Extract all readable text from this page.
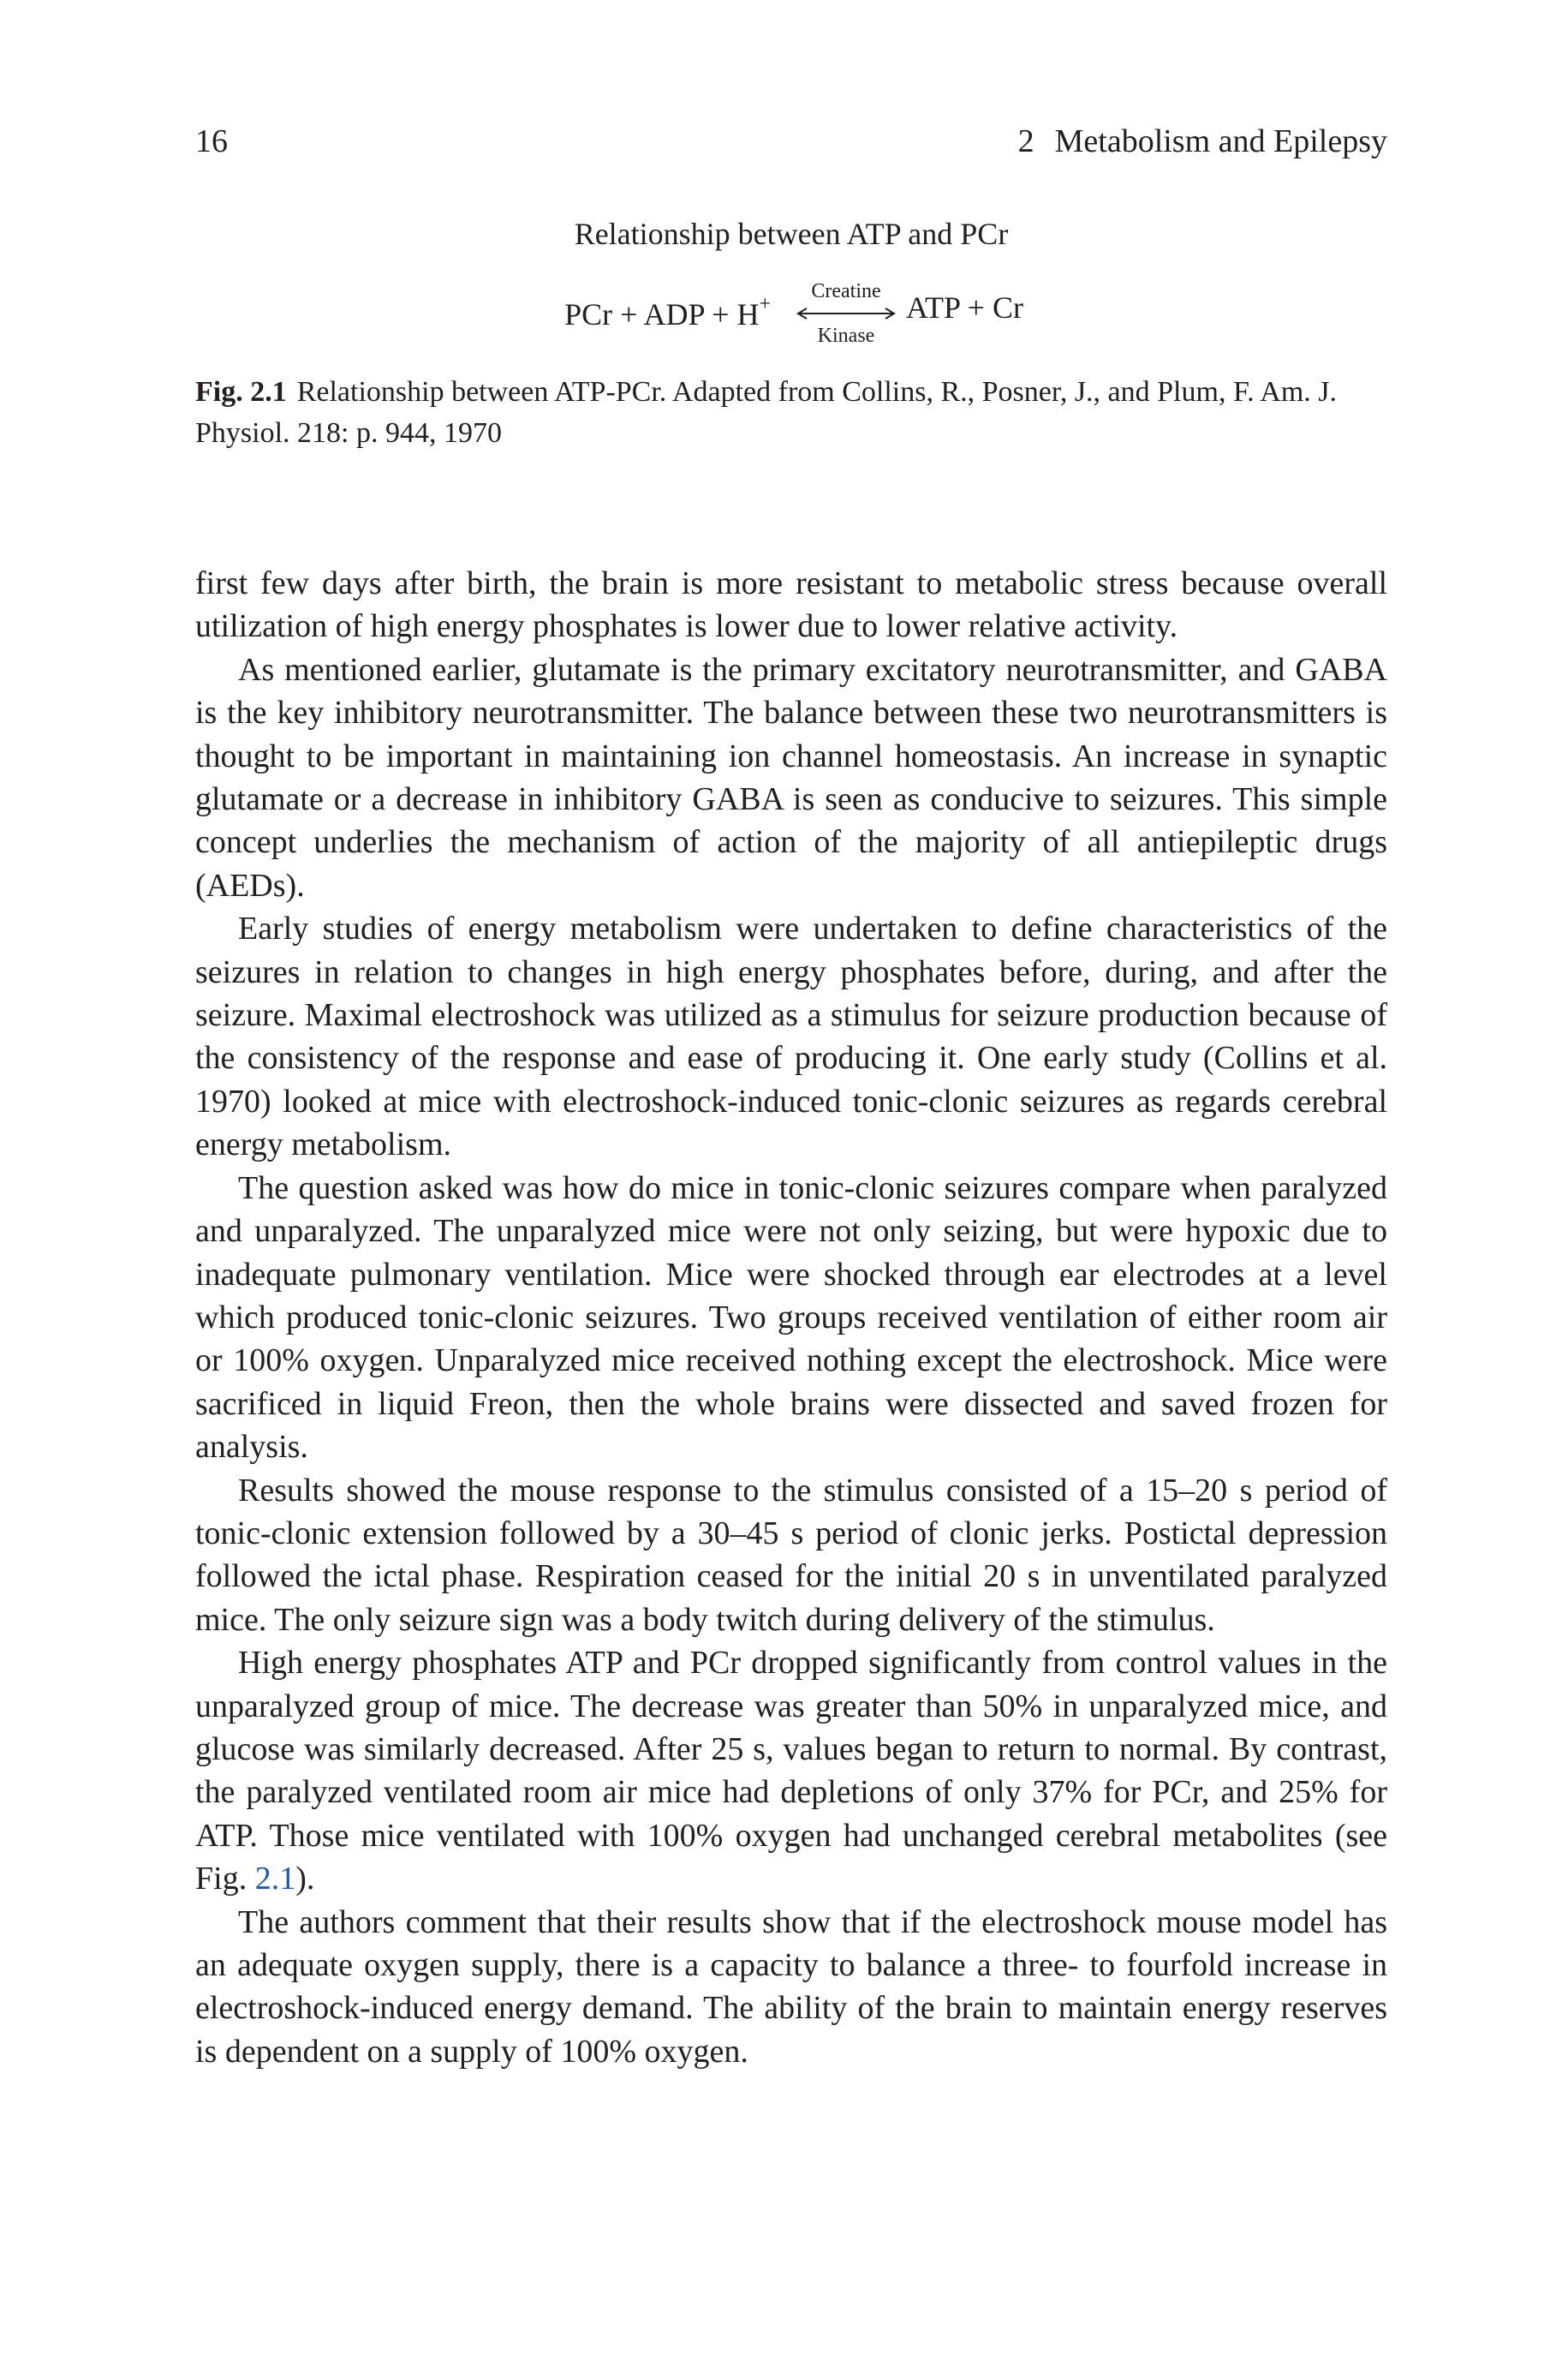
16	2 Metabolism and Epilepsy
Relationship between ATP and PCr
PCr + ADP + H+
Creatine
Kinase
ATP + Cr
Fig. 2.1 Relationship between ATP-PCr. Adapted from Collins, R., Posner, J., and Plum, F. Am. J. Physiol. 218: p. 944, 1970

first few days after birth, the brain is more resistant to metabolic stress because overall utilization of high energy phosphates is lower due to lower relative activity.

As mentioned earlier, glutamate is the primary excitatory neurotransmitter, and GABA is the key inhibitory neurotransmitter. The balance between these two neurotransmitters is thought to be important in maintaining ion channel homeostasis. An increase in synaptic glutamate or a decrease in inhibitory GABA is seen as conducive to seizures. This simple concept underlies the mechanism of action of the majority of all antiepileptic drugs (AEDs).

Early studies of energy metabolism were undertaken to define characteristics of the seizures in relation to changes in high energy phosphates before, during, and after the seizure. Maximal electroshock was utilized as a stimulus for seizure production because of the consistency of the response and ease of producing it. One early study (Collins et al. 1970) looked at mice with electroshock-induced tonic-clonic seizures as regards cerebral energy metabolism.

The question asked was how do mice in tonic-clonic seizures compare when paralyzed and unparalyzed. The unparalyzed mice were not only seizing, but were hypoxic due to inadequate pulmonary ventilation. Mice were shocked through ear electrodes at a level which produced tonic-clonic seizures. Two groups received ventilation of either room air or 100% oxygen. Unparalyzed mice received nothing except the electroshock. Mice were sacrificed in liquid Freon, then the whole brains were dissected and saved frozen for analysis.

Results showed the mouse response to the stimulus consisted of a 15–20 s period of tonic-clonic extension followed by a 30–45 s period of clonic jerks. Postictal depression followed the ictal phase. Respiration ceased for the initial 20 s in unventilated paralyzed mice. The only seizure sign was a body twitch during delivery of the stimulus.

High energy phosphates ATP and PCr dropped significantly from control values in the unparalyzed group of mice. The decrease was greater than 50% in unparalyzed mice, and glucose was similarly decreased. After 25 s, values began to return to normal. By contrast, the paralyzed ventilated room air mice had depletions of only 37% for PCr, and 25% for ATP. Those mice ventilated with 100% oxygen had unchanged cerebral metabolites (see Fig. 2.1).

The authors comment that their results show that if the electroshock mouse model has an adequate oxygen supply, there is a capacity to balance a three- to fourfold increase in electroshock-induced energy demand. The ability of the brain to maintain energy reserves is dependent on a supply of 100% oxygen.
